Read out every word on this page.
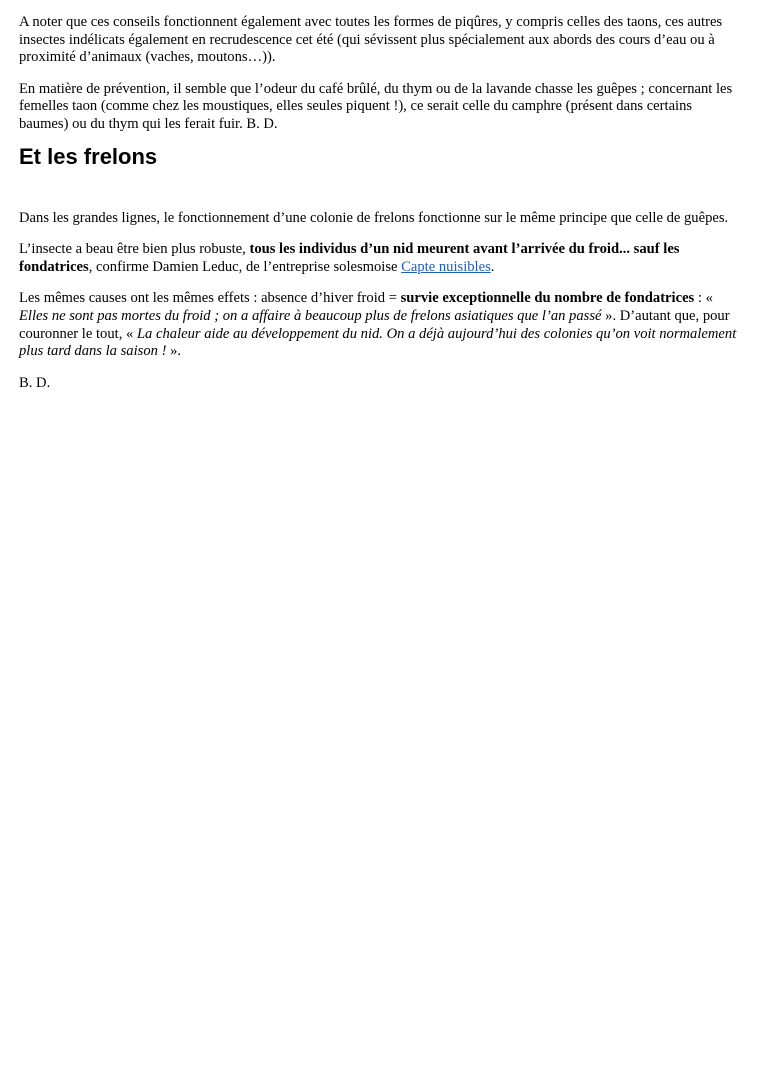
A noter que ces conseils fonctionnent également avec toutes les formes de piqûres, y compris celles des taons, ces autres insectes indélicats également en recrudescence cet été (qui sévissent plus spécialement aux abords des cours d’eau ou à proximité d’animaux (vaches, moutons…)).

En matière de prévention, il semble que l’odeur du café brûlé, du thym ou de la lavande chasse les guêpes ; concernant les femelles taon (comme chez les moustiques, elles seules piquent !), ce serait celle du camphre (présent dans certains baumes) ou du thym qui les ferait fuir. B. D.

Et les frelons

Dans les grandes lignes, le fonctionnement d’une colonie de frelons fonctionne sur le même principe que celle de guêpes.

L’insecte a beau être bien plus robuste, tous les individus d’un nid meurent avant l’arrivée du froid... sauf les fondatrices, confirme Damien Leduc, de l’entreprise solesmoise Capte nuisibles.

Les mêmes causes ont les mêmes effets : absence d’hiver froid = survie exceptionnelle du nombre de fondatrices : « Elles ne sont pas mortes du froid ; on a affaire à beaucoup plus de frelons asiatiques que l’an passé ». D’autant que, pour couronner le tout, « La chaleur aide au développement du nid. On a déjà aujourd’hui des colonies qu’on voit normalement plus tard dans la saison ! ».

B. D.
